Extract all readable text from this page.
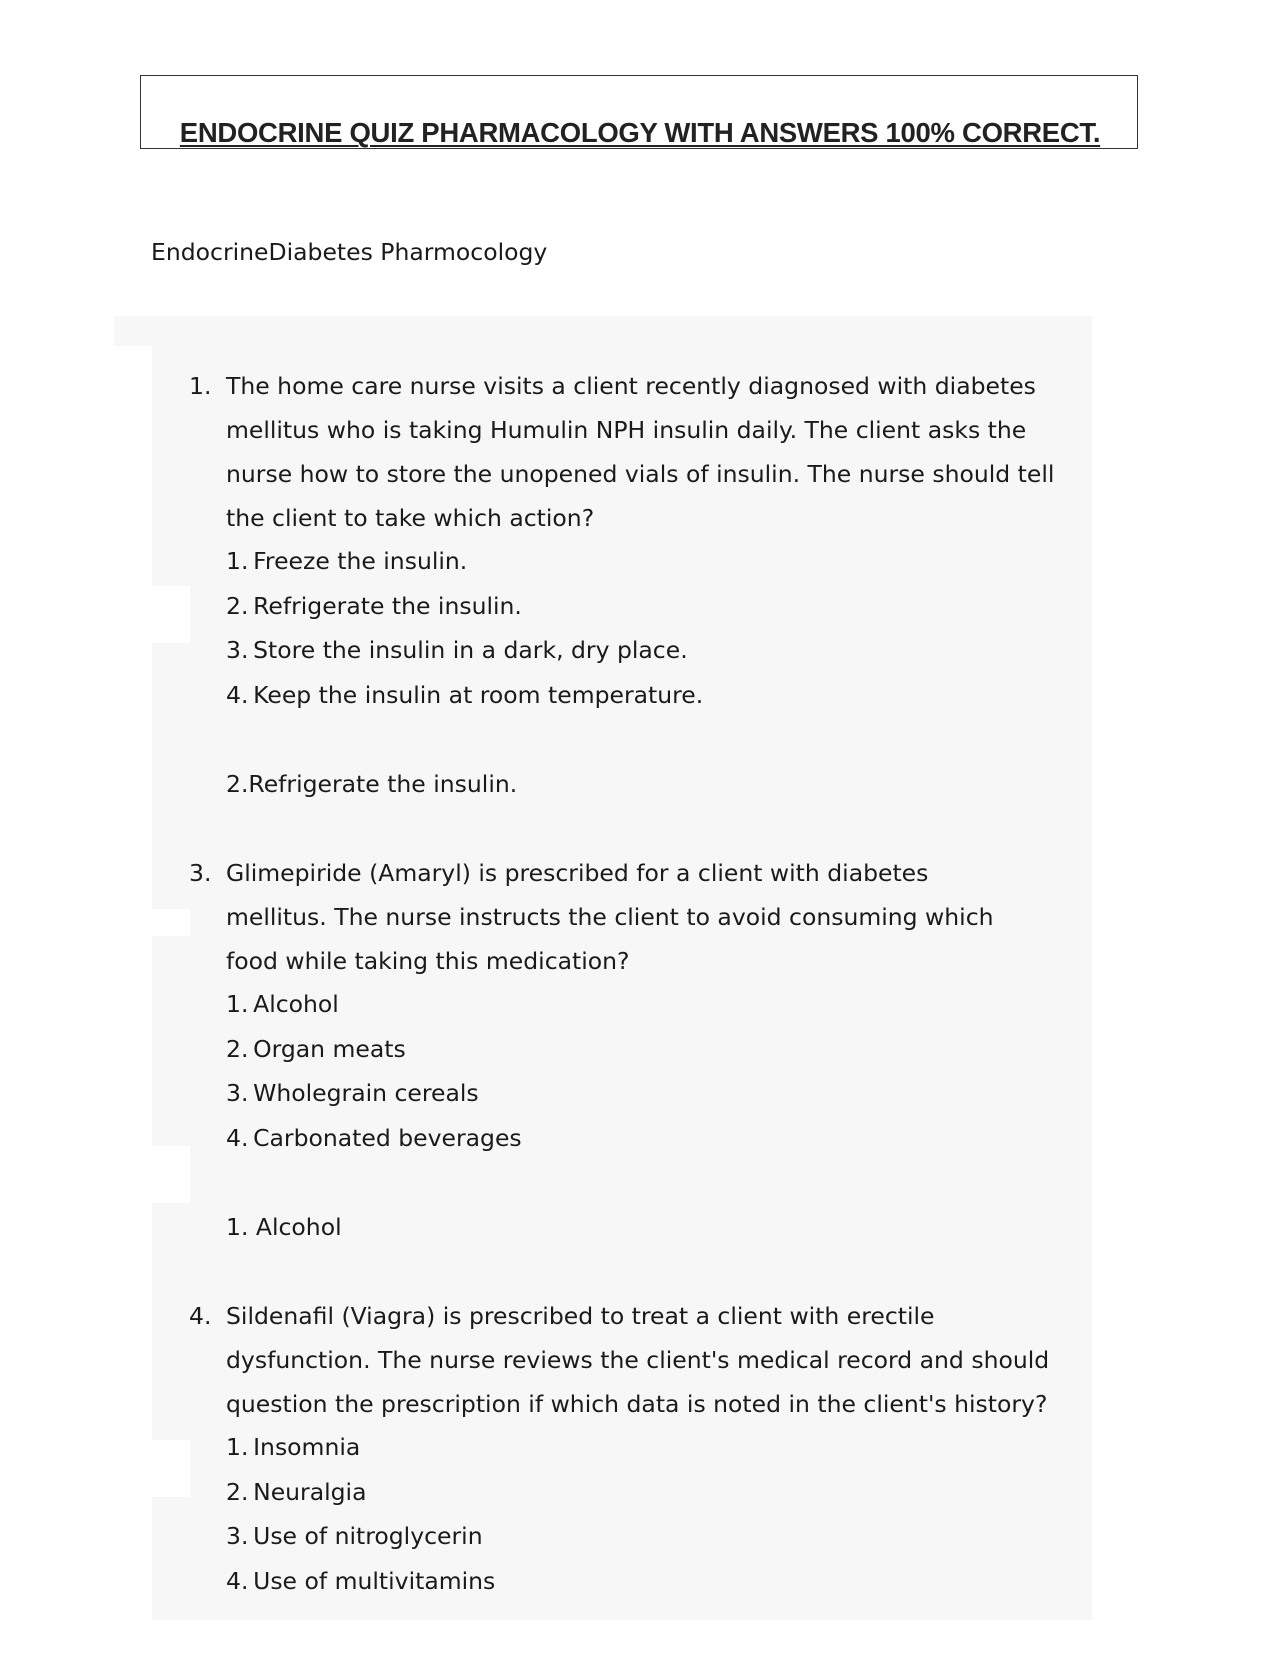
ENDOCRINE QUIZ PHARMACOLOGY WITH ANSWERS 100% CORRECT.
EndocrineDiabetes Pharmocology
1. The home care nurse visits a client recently diagnosed with diabetes
mellitus who is taking Humulin NPH insulin daily. The client asks the
nurse how to store the unopened vials of insulin. The nurse should tell
the client to take which action?
1. Freeze the insulin.
2. Refrigerate the insulin.
3. Store the insulin in a dark, dry place.
4. Keep the insulin at room temperature.
2.Refrigerate the insulin.
3. Glimepiride (Amaryl) is prescribed for a client with diabetes
mellitus. The nurse instructs the client to avoid consuming which
food while taking this medication?
1. Alcohol
2. Organ meats
3. Wholegrain cereals
4. Carbonated beverages
1. Alcohol
4. Sildenafil (Viagra) is prescribed to treat a client with erectile
dysfunction. The nurse reviews the client's medical record and should
question the prescription if which data is noted in the client's history?
1. Insomnia
2. Neuralgia
3. Use of nitroglycerin
4. Use of multivitamins
